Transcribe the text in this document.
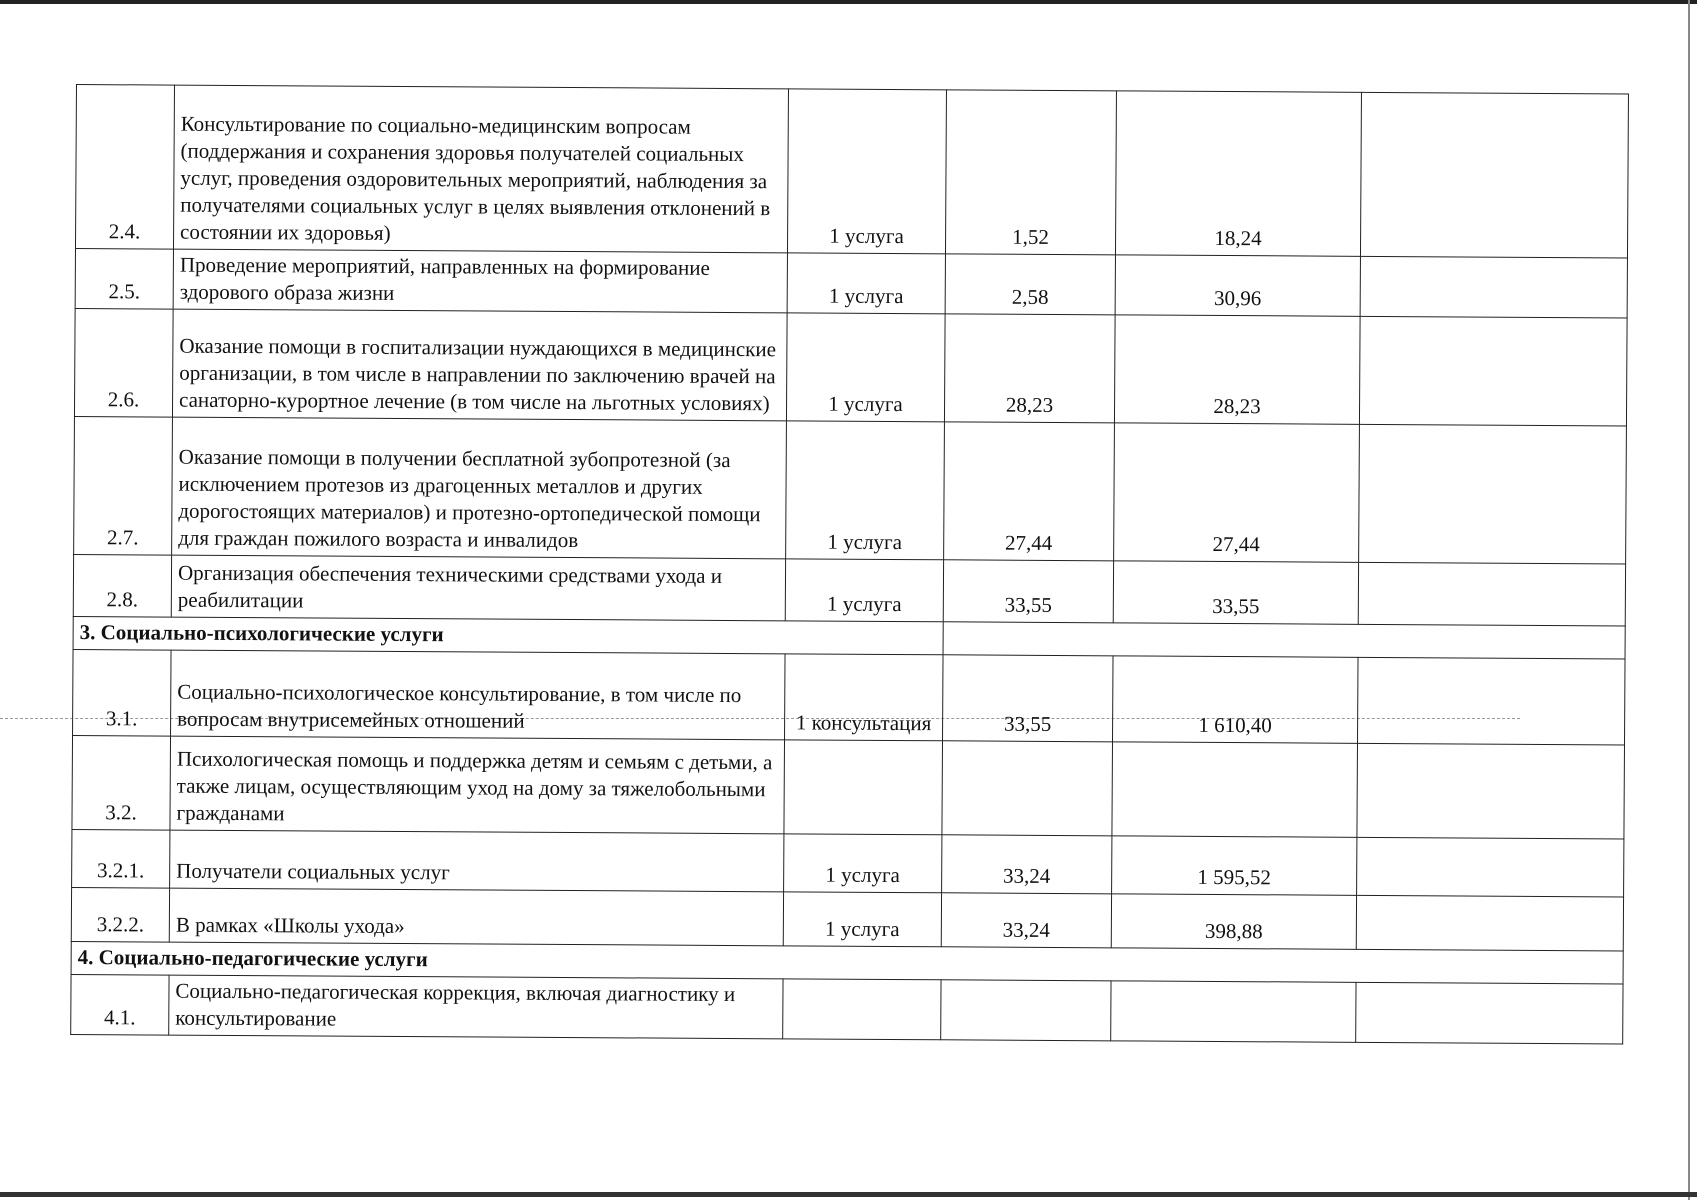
2.4.	Консультирование по социально-медицинским вопросам (поддержания и сохранения здоровья получателей социальных услуг, проведения оздоровительных мероприятий, наблюдения за получателями социальных услуг в целях выявления отклонений в состоянии их здоровья)	1 услуга	1,52	18,24	
2.5.	Проведение мероприятий, направленных на формирование здорового образа жизни	1 услуга	2,58	30,96	
2.6.	Оказание помощи в госпитализации нуждающихся в медицинские организации, в том числе в направлении по заключению врачей на санаторно-курортное лечение (в том числе на льготных условиях)	1 услуга	28,23	28,23	
2.7.	Оказание помощи в получении бесплатной зубопротезной (за исключением протезов из драгоценных металлов и других дорогостоящих материалов) и протезно-ортопедической помощи для граждан пожилого возраста и инвалидов	1 услуга	27,44	27,44	
2.8.	Организация обеспечения техническими средствами ухода и реабилитации	1 услуга	33,55	33,55	
3. Социально-психологические услуги					
3.1.	Социально-психологическое консультирование, в том числе по вопросам внутрисемейных отношений	1 консультация	33,55	1 610,40	
3.2.	Психологическая помощь и поддержка детям и семьям с детьми, а также лицам, осуществляющим уход на дому за тяжелобольными гражданами				
3.2.1.	Получатели социальных услуг	1 услуга	33,24	1 595,52	
3.2.2.	В рамках «Школы ухода»	1 услуга	33,24	398,88	
4. Социально-педагогические услуги					
4.1.	Социально-педагогическая коррекция, включая диагностику и консультирование				
